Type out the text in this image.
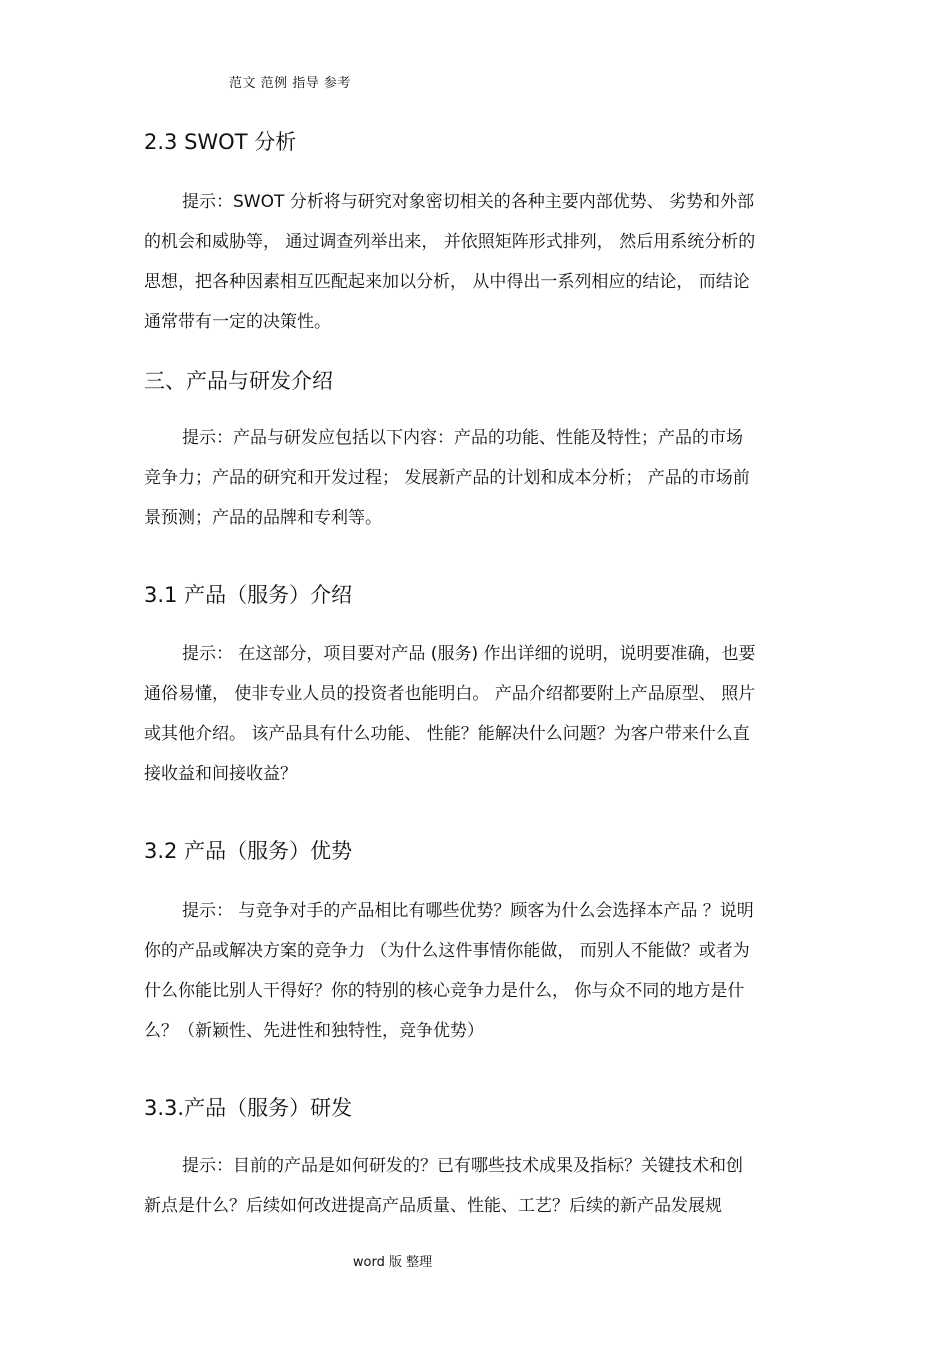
范文 范例 指导 参考
2.3 SWOT 分析
提示：SWOT 分析将与研究对象密切相关的各种主要内部优势、 劣势和外部
的机会和威胁等， 通过调查列举出来， 并依照矩阵形式排列， 然后用系统分析的
思想，把各种因素相互匹配起来加以分析， 从中得出一系列相应的结论， 而结论
通常带有一定的决策性。
三、产品与研发介绍
提示：产品与研发应包括以下内容：产品的功能、性能及特性；产品的市场
竞争力；产品的研究和开发过程； 发展新产品的计划和成本分析； 产品的市场前
景预测；产品的品牌和专利等。
3.1 产品（服务）介绍
提示： 在这部分，项目要对产品 (服务) 作出详细的说明，说明要准确，也要
通俗易懂， 使非专业人员的投资者也能明白。 产品介绍都要附上产品原型、 照片
或其他介绍。 该产品具有什么功能、 性能？能解决什么问题？为客户带来什么直
接收益和间接收益？
3.2 产品（服务）优势
提示： 与竞争对手的产品相比有哪些优势？顾客为什么会选择本产品 ？说明
你的产品或解决方案的竞争力 （为什么这件事情你能做， 而别人不能做？或者为
什么你能比别人干得好？你的特别的核心竞争力是什么， 你与众不同的地方是什
么？（新颖性、先进性和独特性，竞争优势）
3.3.产品（服务）研发
提示：目前的产品是如何研发的？已有哪些技术成果及指标？关键技术和创
新点是什么？后续如何改进提高产品质量、性能、工艺？后续的新产品发展规
word 版 整理
